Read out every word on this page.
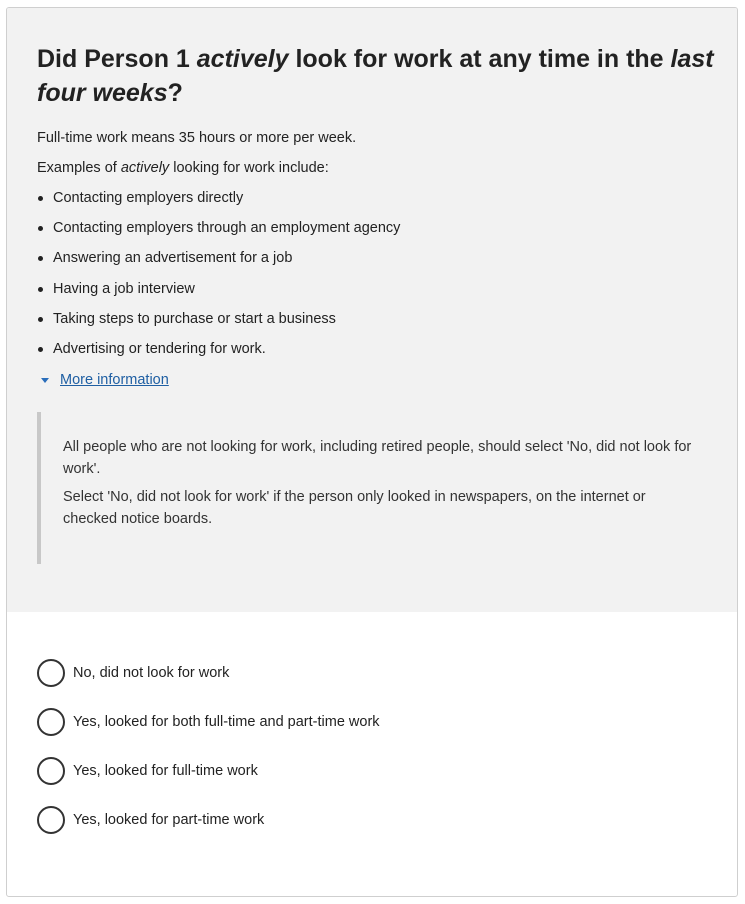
Did Person 1 actively look for work at any time in the last four weeks?

Full-time work means 35 hours or more per week.

Examples of actively looking for work include:

Contacting employers directly
Contacting employers through an employment agency
Answering an advertisement for a job
Having a job interview
Taking steps to purchase or start a business
Advertising or tendering for work.
More information

All people who are not looking for work, including retired people, should select 'No, did not look for work'.

Select 'No, did not look for work' if the person only looked in newspapers, on the internet or checked notice boards.

No, did not look for work
Yes, looked for both full-time and part-time work
Yes, looked for full-time work
Yes, looked for part-time work
